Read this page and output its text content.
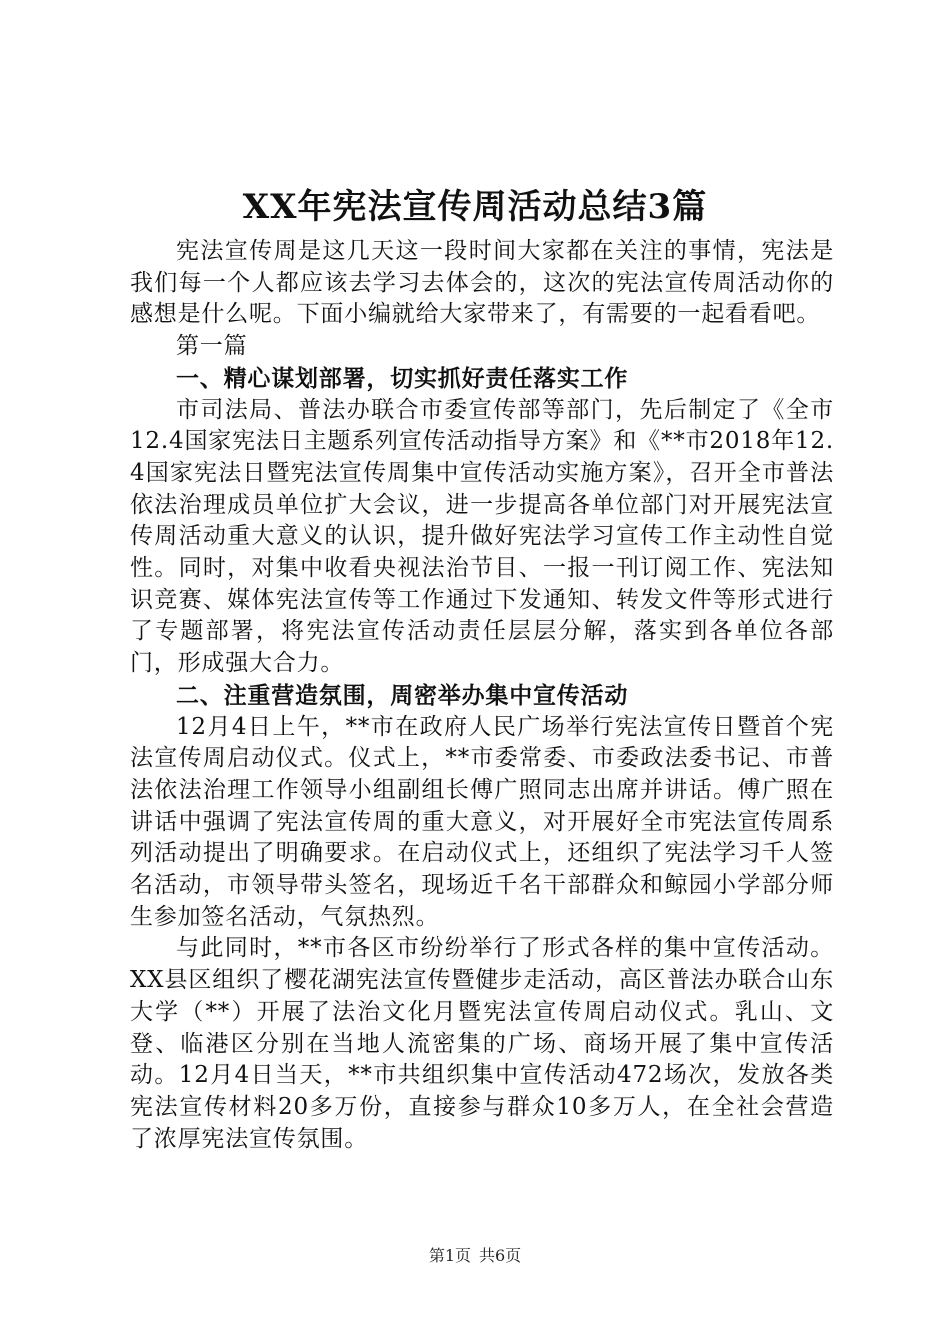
XX年宪法宣传周活动总结3篇

宪法宣传周是这几天这一段时间大家都在关注的事情，宪法是我们每一个人都应该去学习去体会的，这次的宪法宣传周活动你的感想是什么呢。下面小编就给大家带来了，有需要的一起看看吧。

第一篇

一、精心谋划部署，切实抓好责任落实工作

市司法局、普法办联合市委宣传部等部门，先后制定了《全市12.4国家宪法日主题系列宣传活动指导方案》和《**市2018年12.4国家宪法日暨宪法宣传周集中宣传活动实施方案》，召开全市普法依法治理成员单位扩大会议，进一步提高各单位部门对开展宪法宣传周活动重大意义的认识，提升做好宪法学习宣传工作主动性自觉性。同时，对集中收看央视法治节目、一报一刊订阅工作、宪法知识竞赛、媒体宪法宣传等工作通过下发通知、转发文件等形式进行了专题部署，将宪法宣传活动责任层层分解，落实到各单位各部门，形成强大合力。

二、注重营造氛围，周密举办集中宣传活动

12月4日上午，**市在政府人民广场举行宪法宣传日暨首个宪法宣传周启动仪式。仪式上，**市委常委、市委政法委书记、市普法依法治理工作领导小组副组长傅广照同志出席并讲话。傅广照在讲话中强调了宪法宣传周的重大意义，对开展好全市宪法宣传周系列活动提出了明确要求。在启动仪式上，还组织了宪法学习千人签名活动，市领导带头签名，现场近千名干部群众和鲸园小学部分师生参加签名活动，气氛热烈。

与此同时，**市各区市纷纷举行了形式各样的集中宣传活动。XX县区组织了樱花湖宪法宣传暨健步走活动，高区普法办联合山东大学（**）开展了法治文化月暨宪法宣传周启动仪式。乳山、文登、临港区分别在当地人流密集的广场、商场开展了集中宣传活动。12月4日当天，**市共组织集中宣传活动472场次，发放各类宪法宣传材料20多万份，直接参与群众10多万人，在全社会营造了浓厚宪法宣传氛围。

第1页 共6页
